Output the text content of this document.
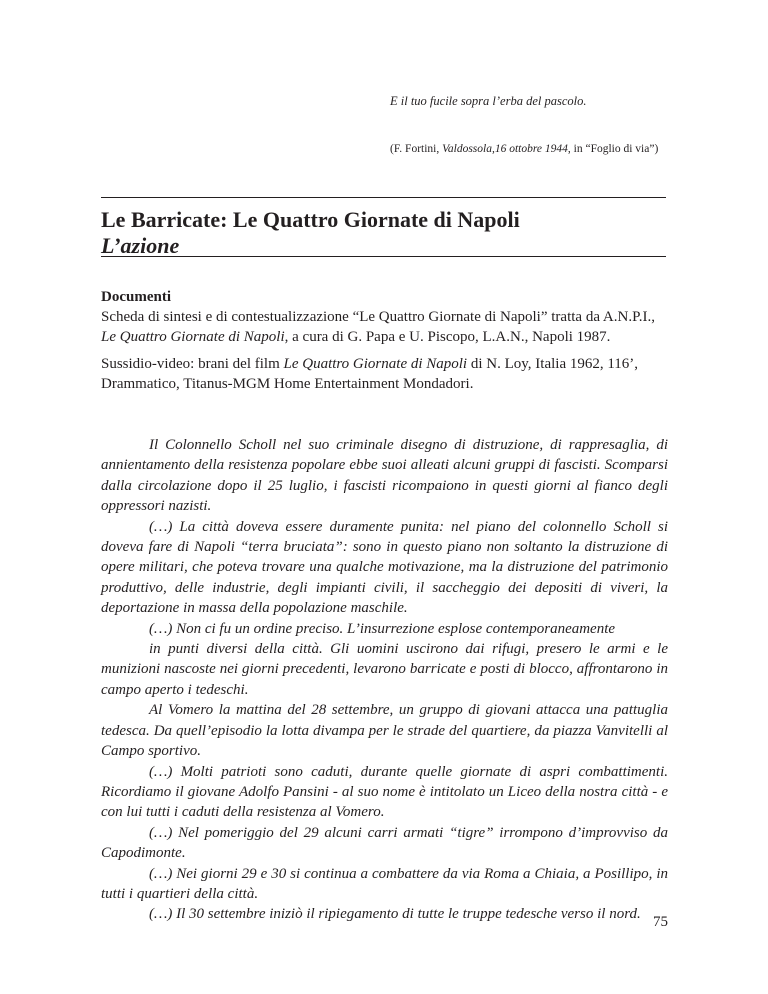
E il tuo fucile sopra l’erba del pascolo.
(F. Fortini, Valdossola,16 ottobre 1944, in “Foglio di via”)
Le Barricate: Le Quattro Giornate di Napoli
L’azione
Documenti
Scheda di sintesi e di contestualizzazione “Le Quattro Giornate di Napoli” tratta da A.N.P.I.,
Le Quattro Giornate di Napoli, a cura di G. Papa e U. Piscopo, L.A.N., Napoli 1987.
Sussidio-video: brani del film Le Quattro Giornate di Napoli di N. Loy, Italia 1962, 116’, Drammatico, Titanus-MGM Home Entertainment Mondadori.

Il Colonnello Scholl nel suo criminale disegno di distruzione, di rappresaglia, di annientamento della resistenza popolare ebbe suoi alleati alcuni gruppi di fascisti. Scomparsi dalla circolazione dopo il 25 luglio, i fascisti ricompaiono in questi giorni al fianco degli oppressori nazisti.

(…) La città doveva essere duramente punita: nel piano del colonnello Scholl si doveva fare di Napoli “terra bruciata”: sono in questo piano non soltanto la distruzione di opere militari, che poteva trovare una qualche motivazione, ma la distruzione del patrimonio produttivo, delle industrie, degli impianti civili, il saccheggio dei depositi di viveri, la deportazione in massa della popolazione maschile.

(…) Non ci fu un ordine preciso. L’insurrezione esplose contemporaneamente

in punti diversi della città. Gli uomini uscirono dai rifugi, presero le armi e le munizioni nascoste nei giorni precedenti, levarono barricate e posti di blocco, affrontarono in campo aperto i tedeschi.

Al Vomero la mattina del 28 settembre, un gruppo di giovani attacca una pattuglia tedesca. Da quell’episodio la lotta divampa per le strade del quartiere, da piazza Vanvitelli al Campo sportivo.

(…) Molti patrioti sono caduti, durante quelle giornate di aspri combattimenti. Ricordiamo il giovane Adolfo Pansini - al suo nome è intitolato un Liceo della nostra città - e con lui tutti i caduti della resistenza al Vomero.

(…) Nel pomeriggio del 29 alcuni carri armati “tigre” irrompono d’improvviso da Capodimonte.

(…) Nei giorni 29 e 30 si continua a combattere da via Roma a Chiaia, a Posillipo, in tutti i quartieri della città.

(…) Il 30 settembre iniziò il ripiegamento di tutte le truppe tedesche verso il nord. 75
